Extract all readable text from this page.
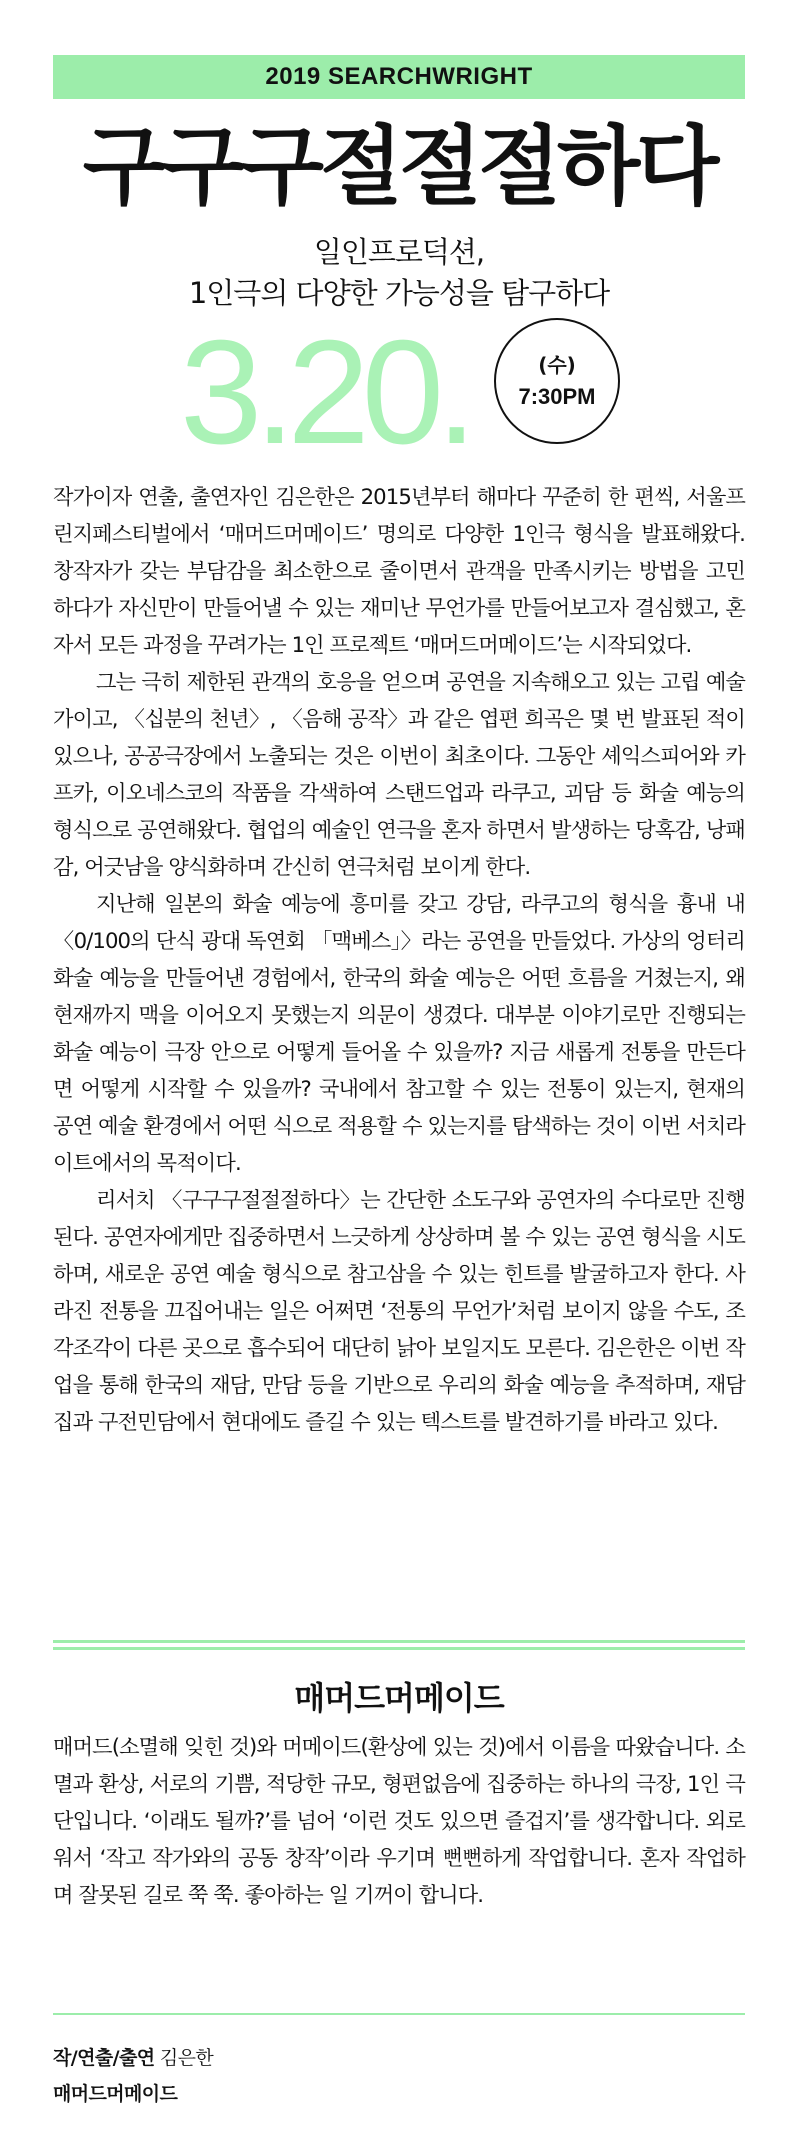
2019 SEARCHWRIGHT
구구구절절절하다
일인프로덕션,
1인극의 다양한 가능성을 탐구하다
3.20.	(수)
7:30PM

작가이자 연출, 출연자인 김은한은 2015년부터 해마다 꾸준히 한 편씩, 서울프린지페스티벌에서 ‘매머드머메이드’ 명의로 다양한 1인극 형식을 발표해왔다. 창작자가 갖는 부담감을 최소한으로 줄이면서 관객을 만족시키는 방법을 고민하다가 자신만이 만들어낼 수 있는 재미난 무언가를 만들어보고자 결심했고, 혼자서 모든 과정을 꾸려가는 1인 프로젝트 ‘매머드머메이드’는 시작되었다.

그는 극히 제한된 관객의 호응을 얻으며 공연을 지속해오고 있는 고립 예술가이고, 〈십분의 천년〉, 〈음해 공작〉과 같은 엽편 희곡은 몇 번 발표된 적이 있으나, 공공극장에서 노출되는 것은 이번이 최초이다. 그동안 셰익스피어와 카프카, 이오네스코의 작품을 각색하여 스탠드업과 라쿠고, 괴담 등 화술 예능의 형식으로 공연해왔다. 협업의 예술인 연극을 혼자 하면서 발생하는 당혹감, 낭패감, 어긋남을 양식화하며 간신히 연극처럼 보이게 한다.

지난해 일본의 화술 예능에 흥미를 갖고 강담, 라쿠고의 형식을 흉내 내 〈0/100의 단식 광대 독연회 「맥베스」〉라는 공연을 만들었다. 가상의 엉터리 화술 예능을 만들어낸 경험에서, 한국의 화술 예능은 어떤 흐름을 거쳤는지, 왜 현재까지 맥을 이어오지 못했는지 의문이 생겼다. 대부분 이야기로만 진행되는 화술 예능이 극장 안으로 어떻게 들어올 수 있을까? 지금 새롭게 전통을 만든다면 어떻게 시작할 수 있을까? 국내에서 참고할 수 있는 전통이 있는지, 현재의 공연 예술 환경에서 어떤 식으로 적용할 수 있는지를 탐색하는 것이 이번 서치라이트에서의 목적이다.

리서치 〈구구구절절절하다〉는 간단한 소도구와 공연자의 수다로만 진행된다. 공연자에게만 집중하면서 느긋하게 상상하며 볼 수 있는 공연 형식을 시도하며, 새로운 공연 예술 형식으로 참고삼을 수 있는 힌트를 발굴하고자 한다. 사라진 전통을 끄집어내는 일은 어쩌면 ‘전통의 무언가’처럼 보이지 않을 수도, 조각조각이 다른 곳으로 흡수되어 대단히 낡아 보일지도 모른다. 김은한은 이번 작업을 통해 한국의 재담, 만담 등을 기반으로 우리의 화술 예능을 추적하며, 재담집과 구전민담에서 현대에도 즐길 수 있는 텍스트를 발견하기를 바라고 있다.

매머드머메이드

매머드(소멸해 잊힌 것)와 머메이드(환상에 있는 것)에서 이름을 따왔습니다. 소멸과 환상, 서로의 기쁨, 적당한 규모, 형편없음에 집중하는 하나의 극장, 1인 극단입니다. ‘이래도 될까?’를 넘어 ‘이런 것도 있으면 즐겁지’를 생각합니다. 외로워서 ‘작고 작가와의 공동 창작’이라 우기며 뻔뻔하게 작업합니다. 혼자 작업하며 잘못된 길로 쭉 쭉. 좋아하는 일 기꺼이 합니다.

작/연출/출연 김은한
매머드머메이드
